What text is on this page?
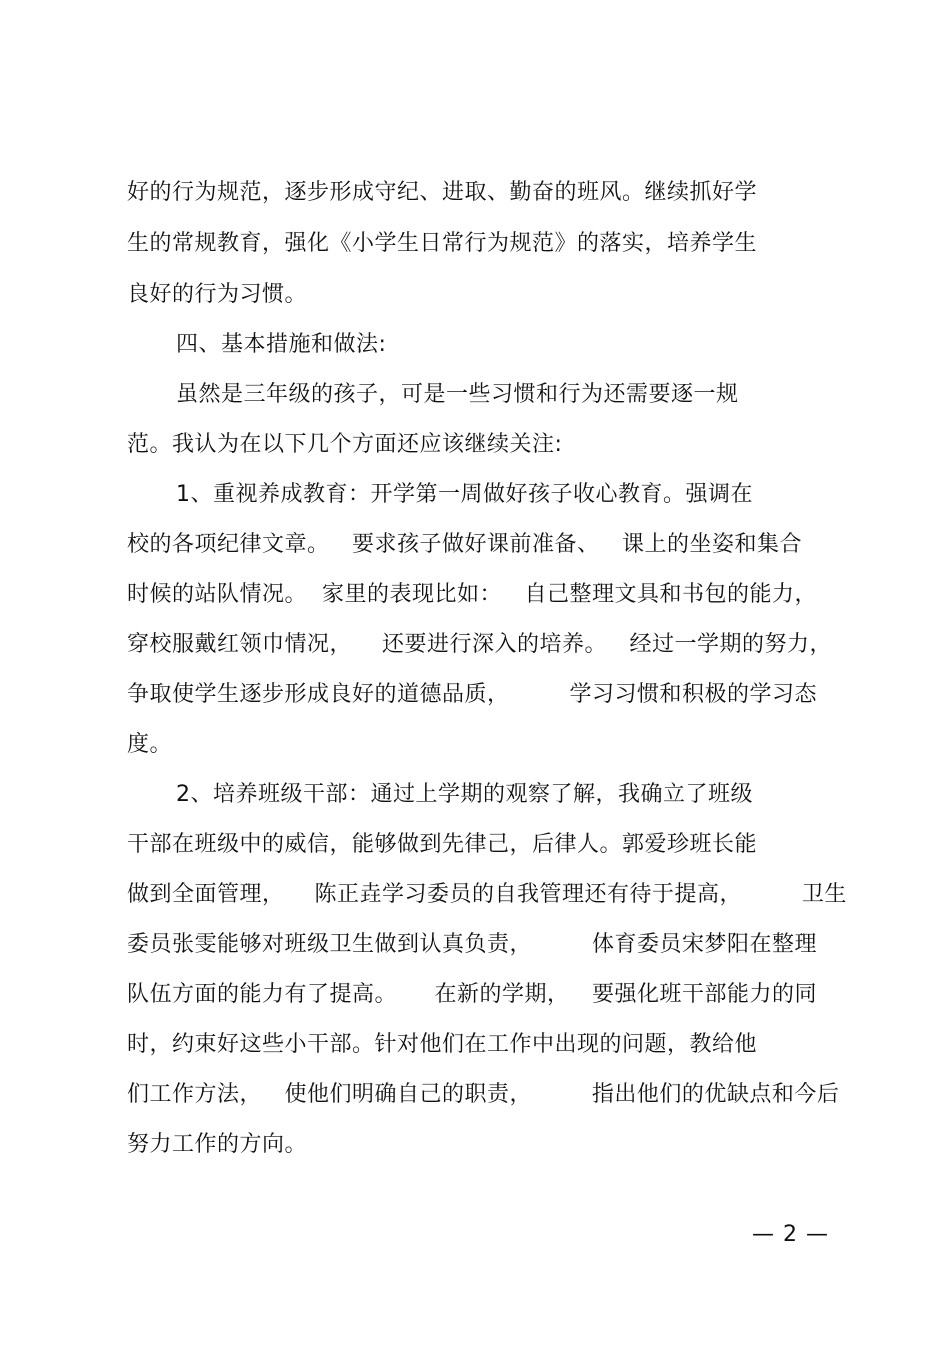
好的行为规范，逐步形成守纪、进取、勤奋的班风。继续抓好学
生的常规教育，强化《小学生日常行为规范》的落实，培养学生
良好的行为习惯。
四、基本措施和做法:
虽然是三年级的孩子，可是一些习惯和行为还需要逐一规
范。我认为在以下几个方面还应该继续关注:
1、重视养成教育：开学第一周做好孩子收心教育。强调在
校的各项纪律文章。   要求孩子做好课前准备、   课上的坐姿和集合
时候的站队情况。  家里的表现比如：   自己整理文具和书包的能力，
穿校服戴红领巾情况，    还要进行深入的培养。   经过一学期的努力，
争取使学生逐步形成良好的道德品质，        学习习惯和积极的学习态
度。
2、培养班级干部：通过上学期的观察了解，我确立了班级
干部在班级中的威信，能够做到先律己，后律人。郭爱珍班长能
做到全面管理，    陈正垚学习委员的自我管理还有待于提高，        卫生
委员张雯能够对班级卫生做到认真负责，        体育委员宋梦阳在整理
队伍方面的能力有了提高。     在新的学期，   要强化班干部能力的同
时，约束好这些小干部。针对他们在工作中出现的问题，教给他
们工作方法，   使他们明确自己的职责，        指出他们的优缺点和今后
努力工作的方向。
— 2 —
